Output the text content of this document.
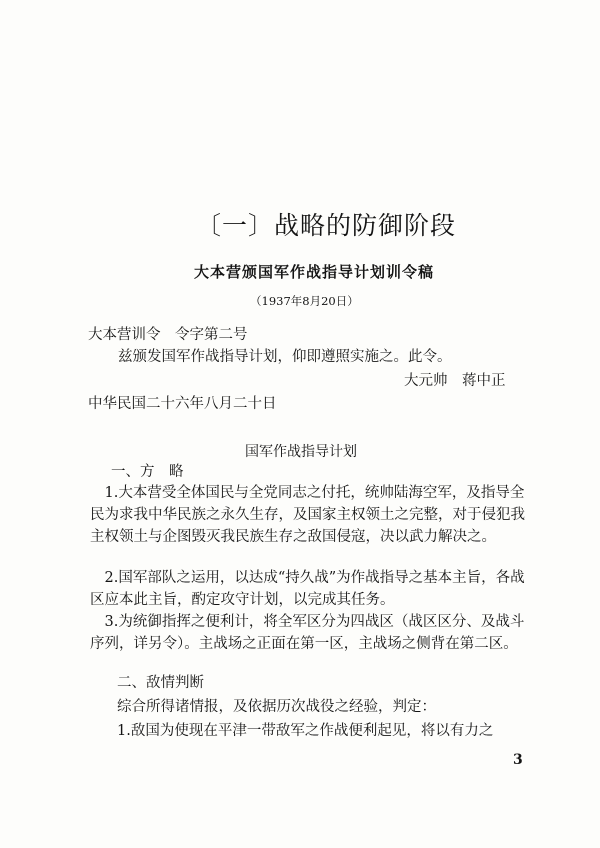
〔一〕战略的防御阶段
大本营颁国军作战指导计划训令稿
（1937年8月20日）
大本营训令　令字第二号
兹颁发国军作战指导计划，仰即遵照实施之。此令。
大元帅　蒋中正
中华民国二十六年八月二十日
国军作战指导计划
一、方　略
　1.大本营受全体国民与全党同志之付托，统帅陆海空军，及指导全民为求我中华民族之永久生存，及国家主权领土之完整，对于侵犯我主权领土与企图毁灭我民族生存之敌国侵寇，决以武力解决之。
　2.国军部队之运用，以达成“持久战”为作战指导之基本主旨，各战区应本此主旨，酌定攻守计划，以完成其任务。
　3.为统御指挥之便利计，将全军区分为四战区（战区区分、及战斗序列，详另令）。主战场之正面在第一区，主战场之侧背在第二区。
二、敌情判断
综合所得诸情报，及依据历次战役之经验，判定：
1.敌国为使现在平津一带敌军之作战便利起见，将以有力之
3
